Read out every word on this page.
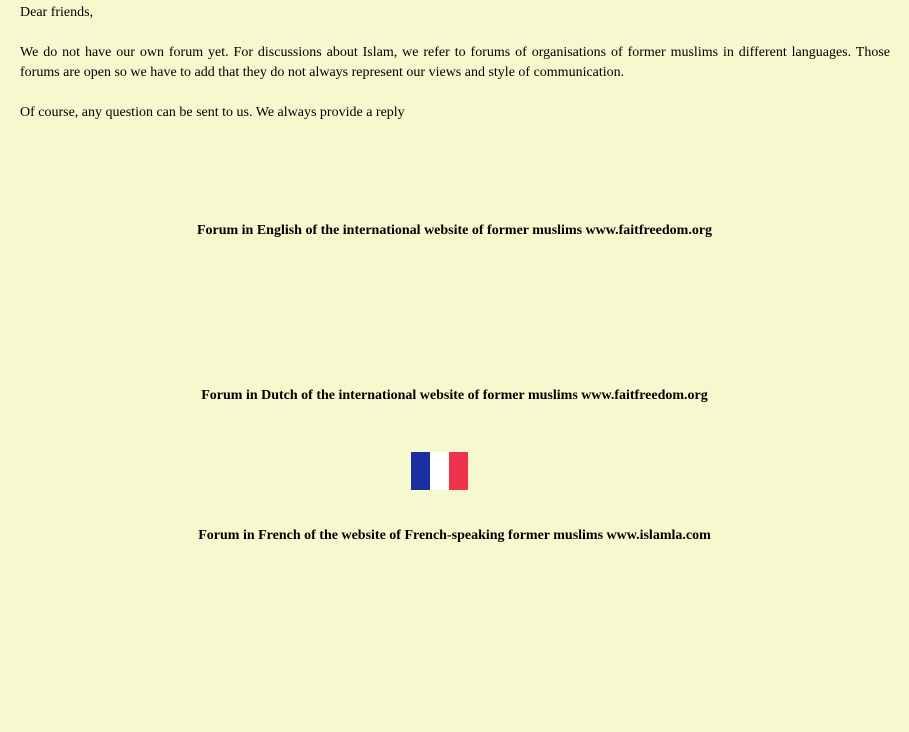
Dear friends,

We do not have our own forum yet. For discussions about Islam, we refer to forums of organisations of former muslims in different languages. Those forums are open so we have to add that they do not always represent our views and style of communication.

Of course, any question can be sent to us. We always provide a reply

Forum in English of the international website of former muslims www.faitfreedom.org
Forum in Dutch of the international website of former muslims www.faitfreedom.org
Forum in French of the website of French-speaking former muslims www.islamla.com
